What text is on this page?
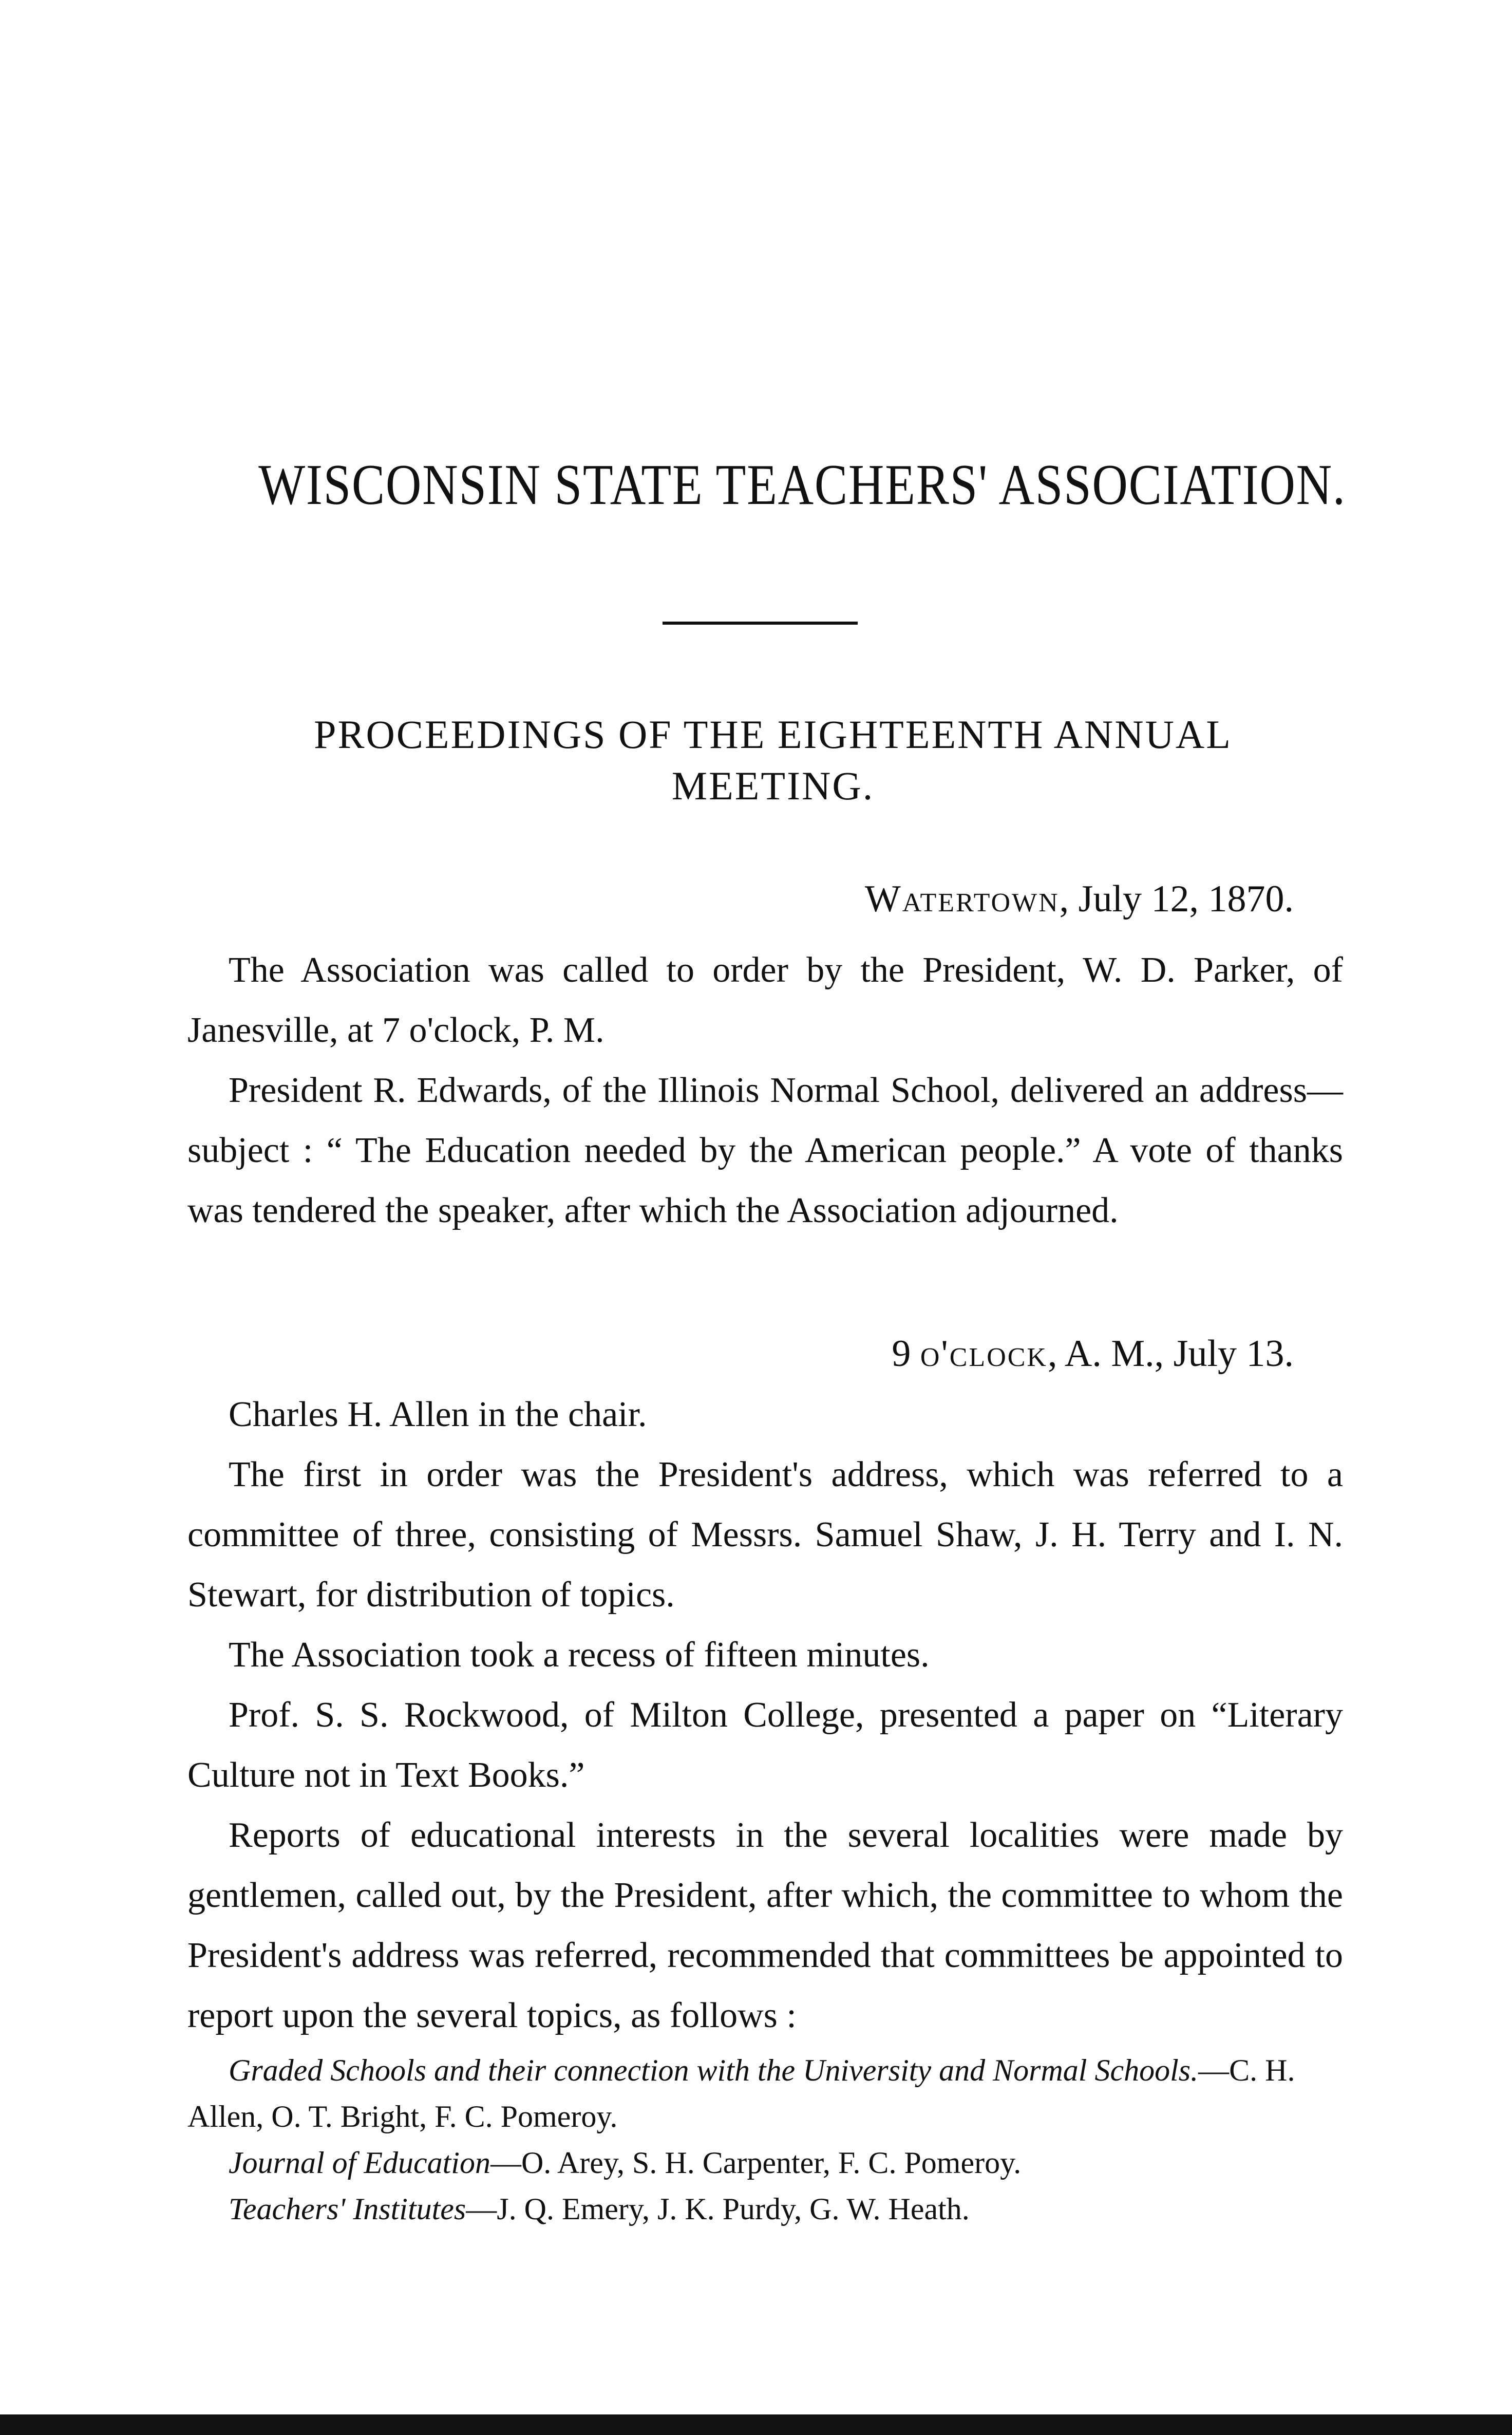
WISCONSIN STATE TEACHERS' ASSOCIATION.
PROCEEDINGS OF THE EIGHTEENTH ANNUAL
MEETING.
Watertown, July 12, 1870.

The Association was called to order by the President, W. D. Parker, of Janesville, at 7 o'clock, P. M.

President R. Edwards, of the Illinois Normal School, delivered an address— subject : “ The Education needed by the American people.” A vote of thanks was tendered the speaker, after which the Association adjourned.

9 o'clock, A. M., July 13.

Charles H. Allen in the chair.

The first in order was the President's address, which was referred to a committee of three, consisting of Messrs. Samuel Shaw, J. H. Terry and I. N. Stewart, for distribution of topics.

The Association took a recess of fifteen minutes.

Prof. S. S. Rockwood, of Milton College, presented a paper on “Literary Culture not in Text Books.”

Reports of educational interests in the several localities were made by gentlemen, called out, by the President, after which, the committee to whom the President's address was referred, recommended that committees be appointed to report upon the several topics, as follows :

Graded Schools and their connection with the University and Normal Schools.—C. H. Allen, O. T. Bright, F. C. Pomeroy.

Journal of Education—O. Arey, S. H. Carpenter, F. C. Pomeroy.

Teachers' Institutes—J. Q. Emery, J. K. Purdy, G. W. Heath.
